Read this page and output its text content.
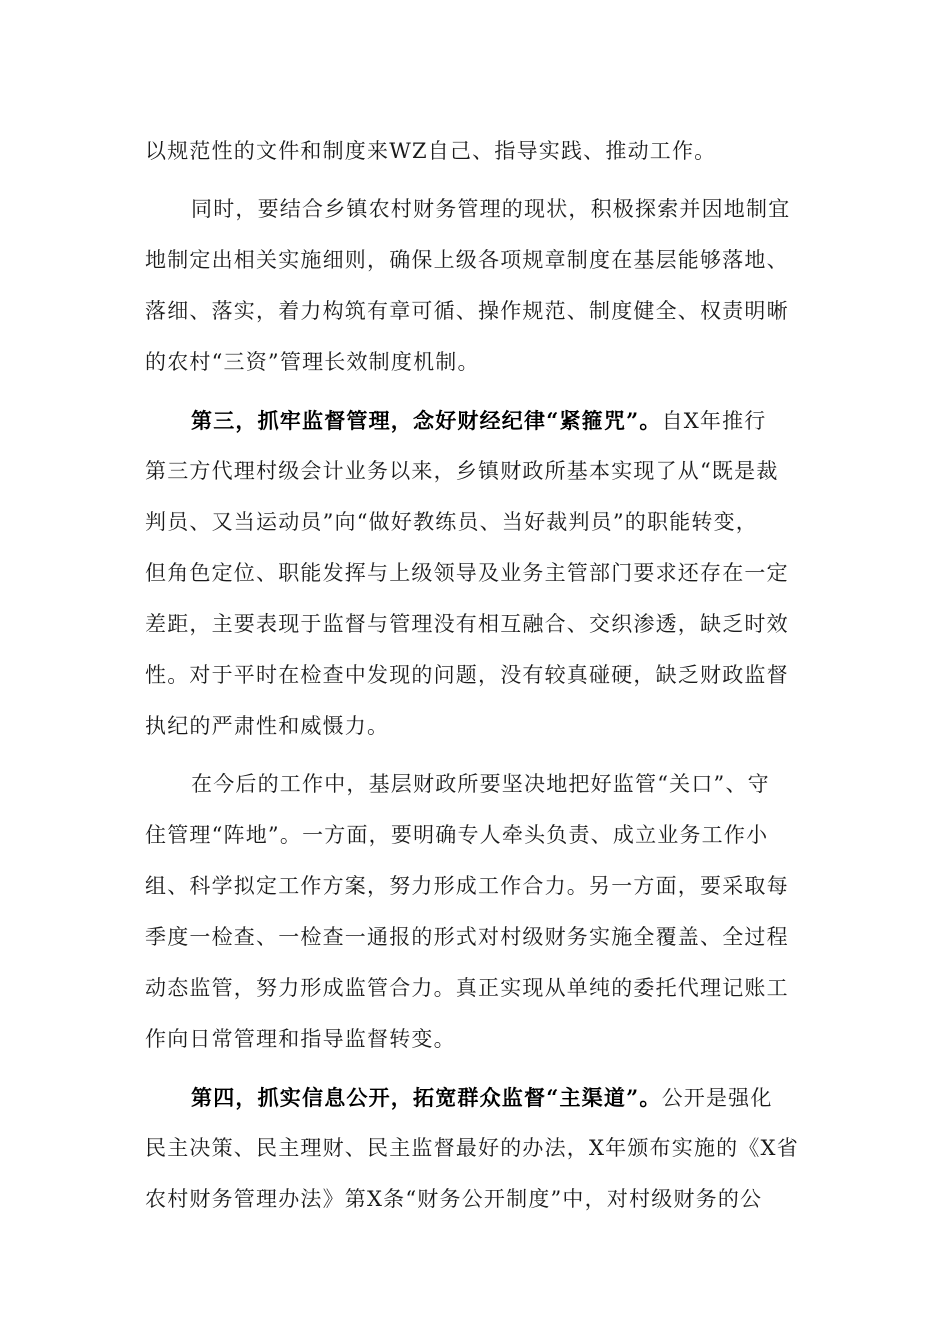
以规范性的文件和制度来WZ自己、指导实践、推动工作。
同时，要结合乡镇农村财务管理的现状，积极探索并因地制宜
地制定出相关实施细则，确保上级各项规章制度在基层能够落地、
落细、落实，着力构筑有章可循、操作规范、制度健全、权责明晰
的农村“三资”管理长效制度机制。
第三，抓牢监督管理，念好财经纪律“紧箍咒”。自X年推行
第三方代理村级会计业务以来，乡镇财政所基本实现了从“既是裁
判员、又当运动员”向“做好教练员、当好裁判员”的职能转变，
但角色定位、职能发挥与上级领导及业务主管部门要求还存在一定
差距，主要表现于监督与管理没有相互融合、交织渗透，缺乏时效
性。对于平时在检查中发现的问题，没有较真碰硬，缺乏财政监督
执纪的严肃性和威慑力。
在今后的工作中，基层财政所要坚决地把好监管“关口”、守
住管理“阵地”。一方面，要明确专人牵头负责、成立业务工作小
组、科学拟定工作方案，努力形成工作合力。另一方面，要采取每
季度一检查、一检查一通报的形式对村级财务实施全覆盖、全过程
动态监管，努力形成监管合力。真正实现从单纯的委托代理记账工
作向日常管理和指导监督转变。
第四，抓实信息公开，拓宽群众监督“主渠道”。公开是强化
民主决策、民主理财、民主监督最好的办法，X年颁布实施的《X省
农村财务管理办法》第X条“财务公开制度”中，对村级财务的公
